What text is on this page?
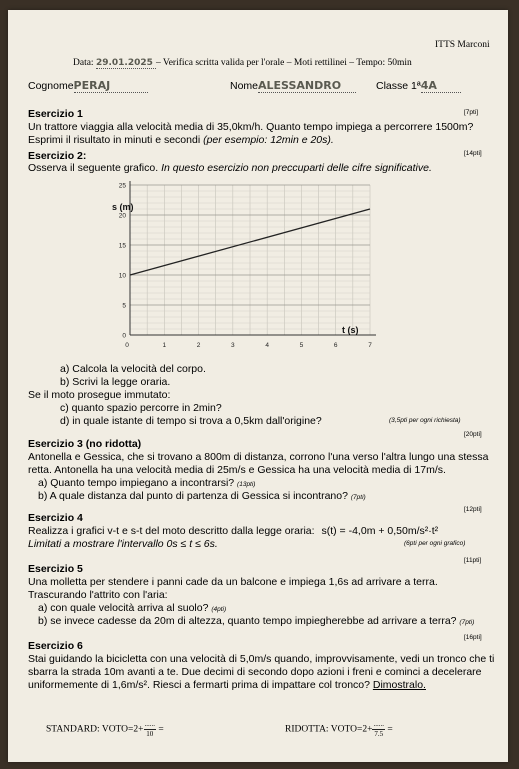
ITTS Marconi
Data: 29.01.2025 – Verifica scritta valida per l'orale – Moti rettilinei – Tempo: 50min
CognomePERAJ	NomeALESSANDRO	Classe 1ª4A
Esercizio 1	[7pti]
Un trattore viaggia alla velocità media di 35,0km/h. Quanto tempo impiega a percorrere 1500m?
Esprimi il risultato in minuti e secondi (per esempio: 12min e 20s).
Esercizio 2:	[14pti]
Osserva il seguente grafico. In questo esercizio non preccuparti delle cifre significative.
0	1	2	3	4	5	6	7
0
5
10
15
20
25
s (m)
t (s)
a) Calcola la velocità del corpo.
b) Scrivi la legge oraria.
Se il moto prosegue immutato:
c) quanto spazio percorre in 2min?
d) in quale istante di tempo si trova a 0,5km dall'origine?	(3,5pti per ogni richiesta)
[20pti]
Esercizio 3 (no ridotta)
Antonella e Gessica, che si trovano a 800m di distanza, corrono l'una verso l'altra lungo una stessa
retta. Antonella ha una velocità media di 25m/s e Gessica ha una velocità media di 17m/s.
a) Quanto tempo impiegano a incontrarsi? (13pti)
b) A quale distanza dal punto di partenza di Gessica si incontrano? (7pti)
[12pti]
Esercizio 4
Realizza i grafici v-t e s-t del moto descritto dalla legge oraria: s(t) = -4,0m + 0,50m/s²·t²
Limitati a mostrare l'intervallo 0s ≤ t ≤ 6s.	(6pti per ogni grafico)
[11pti]
Esercizio 5
Una molletta per stendere i panni cade da un balcone e impiega 1,6s ad arrivare a terra.
Trascurando l'attrito con l'aria:
a) con quale velocità arriva al suolo? (4pti)
b) se invece cadesse da 20m di altezza, quanto tempo impiegherebbe ad arrivare a terra? (7pti)
[16pti]
Esercizio 6
Stai guidando la bicicletta con una velocità di 5,0m/s quando, improvvisamente, vedi un tronco che ti
sbarra la strada 10m avanti a te. Due decimi di secondo dopo azioni i freni e cominci a decelerare
uniformemente di 1,6m/s². Riesci a fermarti prima di impattare col tronco? Dimostralo.
STANDARD: VOTO=2+ $\frac{......}{10}$ =	RIDOTTA: VOTO=2+ $\frac{......}{7.5}$ =
